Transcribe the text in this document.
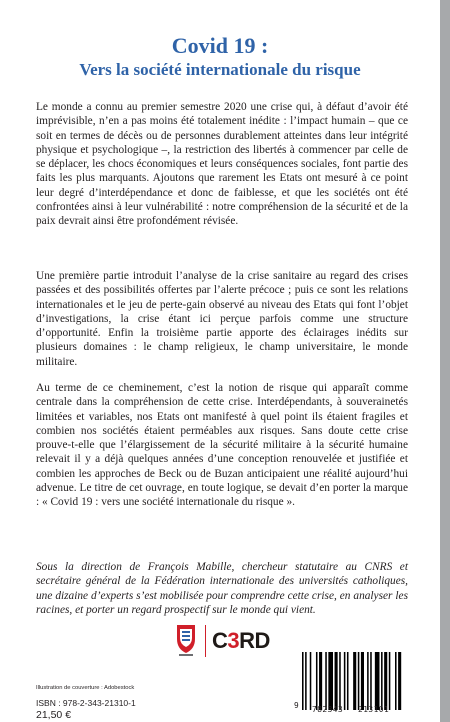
Covid 19 :
Vers la société internationale du risque

Le monde a connu au premier semestre 2020 une crise qui, à défaut d’avoir été imprévisible, n’en a pas moins été totalement inédite : l’impact humain – que ce soit en termes de décès ou de personnes durablement atteintes dans leur intégrité physique et psychologique –, la restriction des libertés à commencer par celle de se déplacer, les chocs économiques et leurs conséquences sociales, font partie des faits les plus marquants. Ajoutons que rarement les Etats ont mesuré à ce point leur degré d’interdépendance et donc de faiblesse, et que les sociétés ont été confrontées ainsi à leur vulnérabilité : notre compréhension de la sécurité et de la paix devrait ainsi être profondément révisée.

Une première partie introduit l’analyse de la crise sanitaire au regard des crises passées et des possibilités offertes par l’alerte précoce ; puis ce sont les relations internationales et le jeu de perte-gain observé au niveau des Etats qui font l’objet d’investigations, la crise étant ici perçue parfois comme une structure d’opportunité. Enfin la troisième partie apporte des éclairages inédits sur plusieurs domaines : le champ religieux, le champ universitaire, le monde militaire.

Au terme de ce cheminement, c’est la notion de risque qui apparaît comme centrale dans la compréhension de cette crise. Interdépendants, à souverainetés limitées et variables, nos Etats ont manifesté à quel point ils étaient fragiles et combien nos sociétés étaient perméables aux risques. Sans doute cette crise prouve-t-elle que l’élargissement de la sécurité militaire à la sécurité humaine relevait il y a déjà quelques années d’une conception renouvelée et justifiée et combien les approches de Beck ou de Buzan anticipaient une réalité aujourd’hui advenue. Le titre de cet ouvrage, en toute logique, se devait d’en porter la marque : « Covid 19 : vers une société internationale du risque ».

Sous la direction de François Mabille, chercheur statutaire au CNRS et secrétaire général de la Fédération internationale des universités catholiques, une dizaine d’experts s’est mobilisée pour comprendre cette crise, en analyser les racines, et porter un regard prospectif sur le monde qui vient.

C3RD
Illustration de couverture : Adobestock
ISBN : 978-2-343-21310-1
21,50 €
9 782343 213101
